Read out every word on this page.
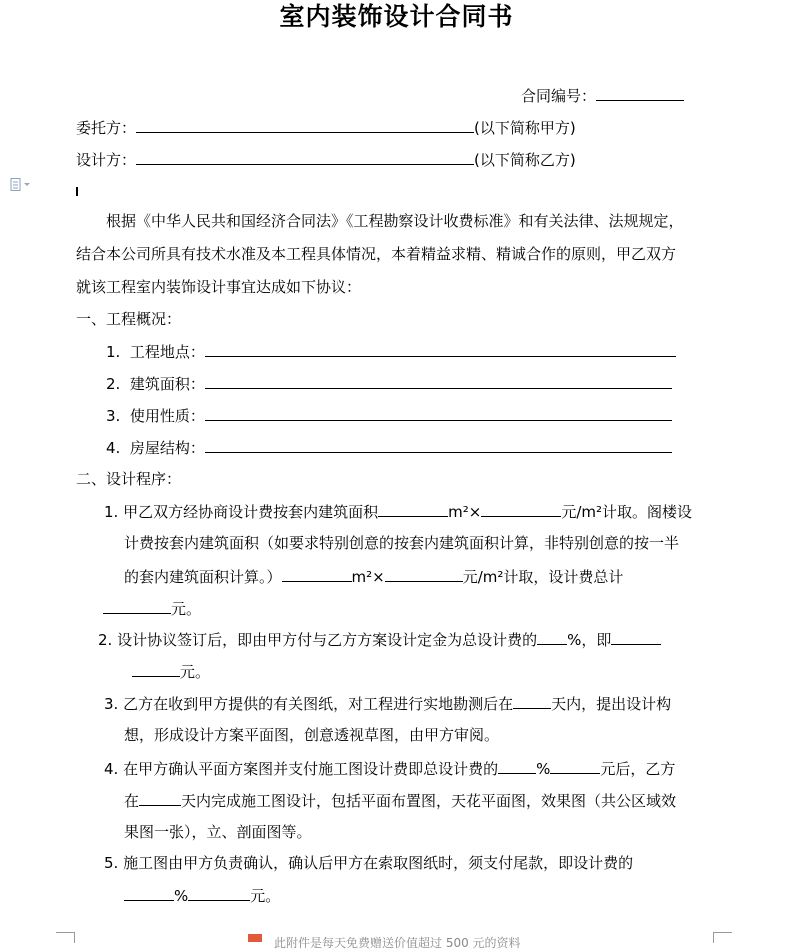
室内装饰设计合同书
合同编号：
委托方：	(以下简称甲方)
设计方：	(以下简称乙方)
根据《中华人民共和国经济合同法》《工程勘察设计收费标准》和有关法律、法规规定，
结合本公司所具有技术水准及本工程具体情况，本着精益求精、精诚合作的原则，甲乙双方
就该工程室内装饰设计事宜达成如下协议：
一、工程概况：
1. 工程地点：
2. 建筑面积：
3. 使用性质：
4. 房屋结构：
二、设计程序：
1. 甲乙双方经协商设计费按套内建筑面积	m²×	元/m²计取。阁楼设
计费按套内建筑面积（如要求特别创意的按套内建筑面积计算，非特别创意的按一半
的套内建筑面积计算。）	m²×	元/m²计取，设计费总计
元。
2. 设计协议签订后，即由甲方付与乙方方案设计定金为总设计费的 %，即
元。
3. 乙方在收到甲方提供的有关图纸，对工程进行实地勘测后在	天内，提出设计构
想，形成设计方案平面图，创意透视草图，由甲方审阅。
4. 在甲方确认平面方案图并支付施工图设计费即总设计费的	%	元后，乙方
在	天内完成施工图设计，包括平面布置图，天花平面图，效果图（共公区域效
果图一张），立、剖面图等。
5. 施工图由甲方负责确认，确认后甲方在索取图纸时，须支付尾款，即设计费的
%	元。
此附件是每天免费赠送价值超过 500 元的资料
